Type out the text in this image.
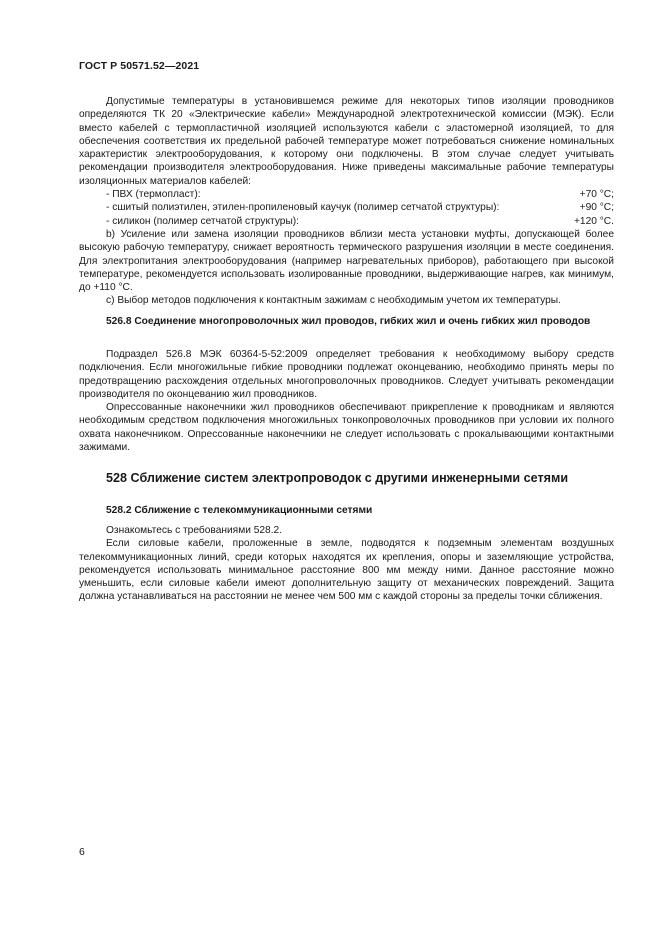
ГОСТ Р 50571.52—2021

Допустимые температуры в установившемся режиме для некоторых типов изоляции проводников определяются ТК 20 «Электрические кабели» Международной электротехнической комиссии (МЭК). Если вместо кабелей с термопластичной изоляцией используются кабели с эластомерной изоляцией, то для обеспечения соответствия их предельной рабочей температуре может потребоваться снижение номинальных характеристик электрооборудования, к которому они подключены. В этом случае следует учитывать рекомендации производителя электрооборудования. Ниже приведены максимальные рабочие температуры изоляционных материалов кабелей:

- ПВХ (термопласт):	+70 °C;
- сшитый полиэтилен, этилен-пропиленовый каучук (полимер сетчатой структуры):	+90 °C;
- силикон (полимер сетчатой структуры):	+120 °C.

b) Усиление или замена изоляции проводников вблизи места установки муфты, допускающей более высокую рабочую температуру, снижает вероятность термического разрушения изоляции в месте соединения. Для электропитания электрооборудования (например нагревательных приборов), работающего при высокой температуре, рекомендуется использовать изолированные проводники, выдерживающие нагрев, как минимум, до +110 °C.

c) Выбор методов подключения к контактным зажимам с необходимым учетом их температуры.

526.8 Соединение многопроволочных жил проводов, гибких жил и очень гибких жил проводов

Подраздел 526.8 МЭК 60364-5-52:2009 определяет требования к необходимому выбору средств подключения. Если многожильные гибкие проводники подлежат оконцеванию, необходимо принять меры по предотвращению расхождения отдельных многопроволочных проводников. Следует учитывать рекомендации производителя по оконцеванию жил проводников.

Опрессованные наконечники жил проводников обеспечивают прикрепление к проводникам и являются необходимым средством подключения многожильных тонкопроволочных проводников при условии их полного охвата наконечником. Опрессованные наконечники не следует использовать с прокалывающими контактными зажимами.

528 Сближение систем электропроводок с другими инженерными сетями
528.2 Сближение с телекоммуникационными сетями

Ознакомьтесь с требованиями 528.2.

Если силовые кабели, проложенные в земле, подводятся к подземным элементам воздушных телекоммуникационных линий, среди которых находятся их крепления, опоры и заземляющие устройства, рекомендуется использовать минимальное расстояние 800 мм между ними. Данное расстояние можно уменьшить, если силовые кабели имеют дополнительную защиту от механических повреждений. Защита должна устанавливаться на расстоянии не менее чем 500 мм с каждой стороны за пределы точки сближения.

6
